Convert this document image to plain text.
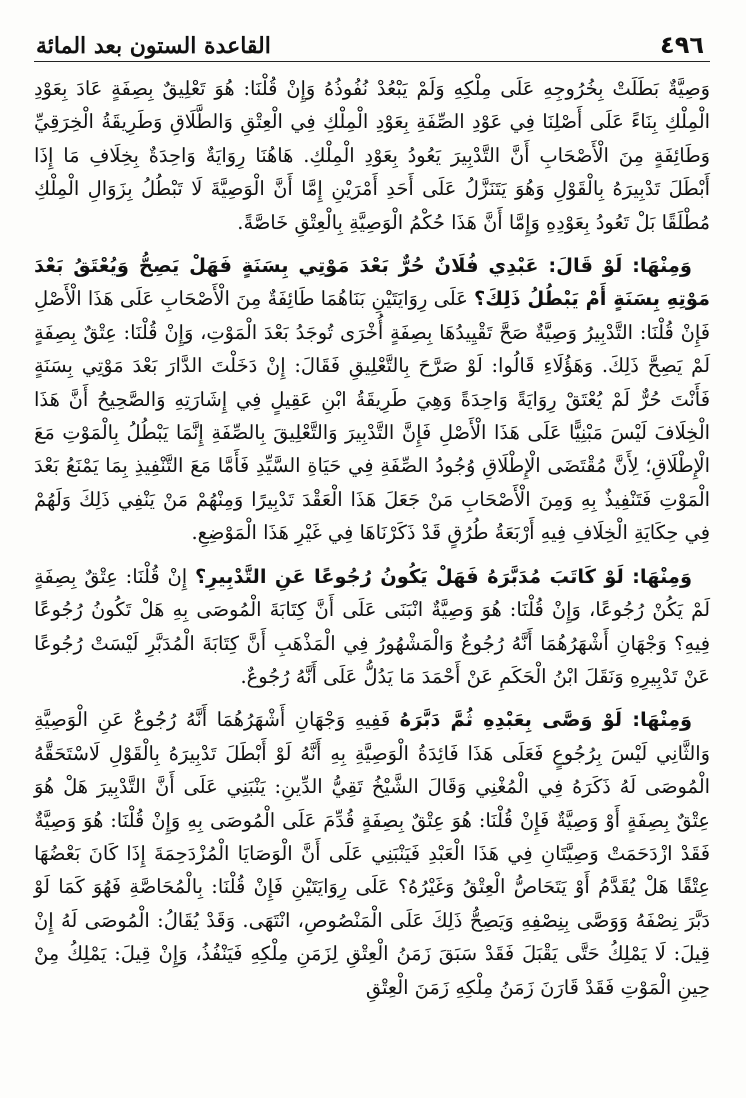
٤٩٦
القاعدة الستون بعد المائة

وَصِيَّةٌ بَطَلَتْ بِخُرُوجِهِ عَلَى مِلْكِهِ وَلَمْ يَبْعُدْ نُفُوذُهُ وَإِنْ قُلْنَا: هُوَ تَعْلِيقٌ بِصِفَةٍ عَادَ بِعَوْدِ الْمِلْكِ بِنَاءً عَلَى أَصْلِنَا فِي عَوْدِ الصِّفَةِ بِعَوْدِ الْمِلْكِ فِي الْعِتْقِ وَالطَّلَاقِ وَطَرِيقَةُ الْخِرَقِيِّ وَطَائِفَةٍ مِنَ الْأَصْحَابِ أَنَّ التَّدْبِيرَ يَعُودُ بِعَوْدِ الْمِلْكِ. هَاهُنَا رِوَايَةٌ وَاحِدَةٌ بِخِلَافِ مَا إِذَا أَبْطَلَ تَدْبِيرَهُ بِالْقَوْلِ وَهُوَ يَتَنَزَّلُ عَلَى أَحَدِ أَمْرَيْنِ إِمَّا أَنَّ الْوَصِيَّةَ لَا تَبْطُلُ بِزَوَالِ الْمِلْكِ مُطْلَقًا بَلْ تَعُودُ بِعَوْدِهِ وَإِمَّا أَنَّ هَذَا حُكْمُ الْوَصِيَّةِ بِالْعِتْقِ خَاصَّةً.

وَمِنْهَا: لَوْ قَالَ: عَبْدِي فُلَانٌ حُرٌّ بَعْدَ مَوْتِي بِسَنَةٍ فَهَلْ يَصِحُّ وَيُعْتَقُ بَعْدَ مَوْتِهِ بِسَنَةٍ أَمْ يَبْطُلُ ذَلِكَ؟ عَلَى رِوَايَتَيْنِ بَنَاهُمَا طَائِفَةٌ مِنَ الْأَصْحَابِ عَلَى هَذَا الْأَصْلِ فَإِنْ قُلْنَا: التَّدْبِيرُ وَصِيَّةٌ صَحَّ تَقْيِيدُهَا بِصِفَةٍ أُخْرَى تُوجَدُ بَعْدَ الْمَوْتِ، وَإِنْ قُلْنَا: عِتْقٌ بِصِفَةٍ لَمْ يَصِحَّ ذَلِكَ. وَهَؤُلَاءِ قَالُوا: لَوْ صَرَّحَ بِالتَّعْلِيقِ فَقَالَ: إِنْ دَخَلْتَ الدَّارَ بَعْدَ مَوْتِي بِسَنَةٍ فَأَنْتَ حُرٌّ لَمْ يُعْتَقْ رِوَايَةً وَاحِدَةً وَهِيَ طَرِيقَةُ ابْنِ عَقِيلٍ فِي إِشَارَتِهِ وَالصَّحِيحُ أَنَّ هَذَا الْخِلَافَ لَيْسَ مَبْنِيًّا عَلَى هَذَا الْأَصْلِ فَإِنَّ التَّدْبِيرَ وَالتَّعْلِيقَ بِالصِّفَةِ إِنَّمَا يَبْطُلُ بِالْمَوْتِ مَعَ الْإِطْلَاقِ؛ لِأَنَّ مُقْتَضَى الْإِطْلَاقِ وُجُودُ الصِّفَةِ فِي حَيَاةِ السَّيِّدِ فَأَمَّا مَعَ التَّنْفِيذِ بِمَا يَمْنَعُ بَعْدَ الْمَوْتِ فَتَنْفِيذٌ بِهِ وَمِنَ الْأَصْحَابِ مَنْ جَعَلَ هَذَا الْعَقْدَ تَدْبِيرًا وَمِنْهُمْ مَنْ يَنْفِي ذَلِكَ وَلَهُمْ فِي حِكَايَةِ الْخِلَافِ فِيهِ أَرْبَعَةُ طُرُقٍ قَدْ ذَكَرْنَاهَا فِي غَيْرِ هَذَا الْمَوْضِعِ.

وَمِنْهَا: لَوْ كَاتَبَ مُدَبَّرَهُ فَهَلْ يَكُونُ رُجُوعًا عَنِ التَّدْبِيرِ؟ إِنْ قُلْنَا: عِتْقٌ بِصِفَةٍ لَمْ يَكُنْ رُجُوعًا، وَإِنْ قُلْنَا: هُوَ وَصِيَّةٌ انْبَنَى عَلَى أَنَّ كِتَابَةَ الْمُوصَى بِهِ هَلْ تَكُونُ رُجُوعًا فِيهِ؟ وَجْهَانِ أَشْهَرُهُمَا أَنَّهُ رُجُوعٌ وَالْمَشْهُورُ فِي الْمَذْهَبِ أَنَّ كِتَابَةَ الْمُدَبَّرِ لَيْسَتْ رُجُوعًا عَنْ تَدْبِيرِهِ وَنَقَلَ ابْنُ الْحَكَمِ عَنْ أَحْمَدَ مَا يَدُلُّ عَلَى أَنَّهُ رُجُوعٌ.

وَمِنْهَا: لَوْ وَصَّى بِعَبْدِهِ ثُمَّ دَبَّرَهُ فَفِيهِ وَجْهَانِ أَشْهَرُهُمَا أَنَّهُ رُجُوعٌ عَنِ الْوَصِيَّةِ وَالثَّانِي لَيْسَ بِرُجُوعٍ فَعَلَى هَذَا فَائِدَةُ الْوَصِيَّةِ بِهِ أَنَّهُ لَوْ أَبْطَلَ تَدْبِيرَهُ بِالْقَوْلِ لَاسْتَحَقَّهُ الْمُوصَى لَهُ ذَكَرَهُ فِي الْمُغْنِي وَقَالَ الشَّيْخُ تَقِيُّ الدِّينِ: يَنْبَنِي عَلَى أَنَّ التَّدْبِيرَ هَلْ هُوَ عِتْقٌ بِصِفَةٍ أَوْ وَصِيَّةٌ فَإِنْ قُلْنَا: هُوَ عِتْقٌ بِصِفَةٍ قُدِّمَ عَلَى الْمُوصَى بِهِ وَإِنْ قُلْنَا: هُوَ وَصِيَّةٌ فَقَدْ ازْدَحَمَتْ وَصِيَّتَانِ فِي هَذَا الْعَبْدِ فَيَنْبَنِي عَلَى أَنَّ الْوَصَايَا الْمُزْدَحِمَةَ إِذَا كَانَ بَعْضُهَا عِتْقًا هَلْ يُقَدَّمُ أَوْ يَتَحَاصُّ الْعِتْقُ وَغَيْرُهُ؟ عَلَى رِوَايَتَيْنِ فَإِنْ قُلْنَا: بِالْمُحَاصَّةِ فَهُوَ كَمَا لَوْ دَبَّرَ نِصْفَهُ وَوَصَّى بِنِصْفِهِ وَيَصِحُّ ذَلِكَ عَلَى الْمَنْصُوصِ، انْتَهَى. وَقَدْ يُقَالُ: الْمُوصَى لَهُ إِنْ قِيلَ: لَا يَمْلِكُ حَتَّى يَقْبَلَ فَقَدْ سَبَقَ زَمَنُ الْعِتْقِ لِزَمَنِ مِلْكِهِ فَيَنْفُذُ، وَإِنْ قِيلَ: يَمْلِكُ مِنْ حِينِ الْمَوْتِ فَقَدْ قَارَنَ زَمَنُ مِلْكِهِ زَمَنَ الْعِتْقِ
